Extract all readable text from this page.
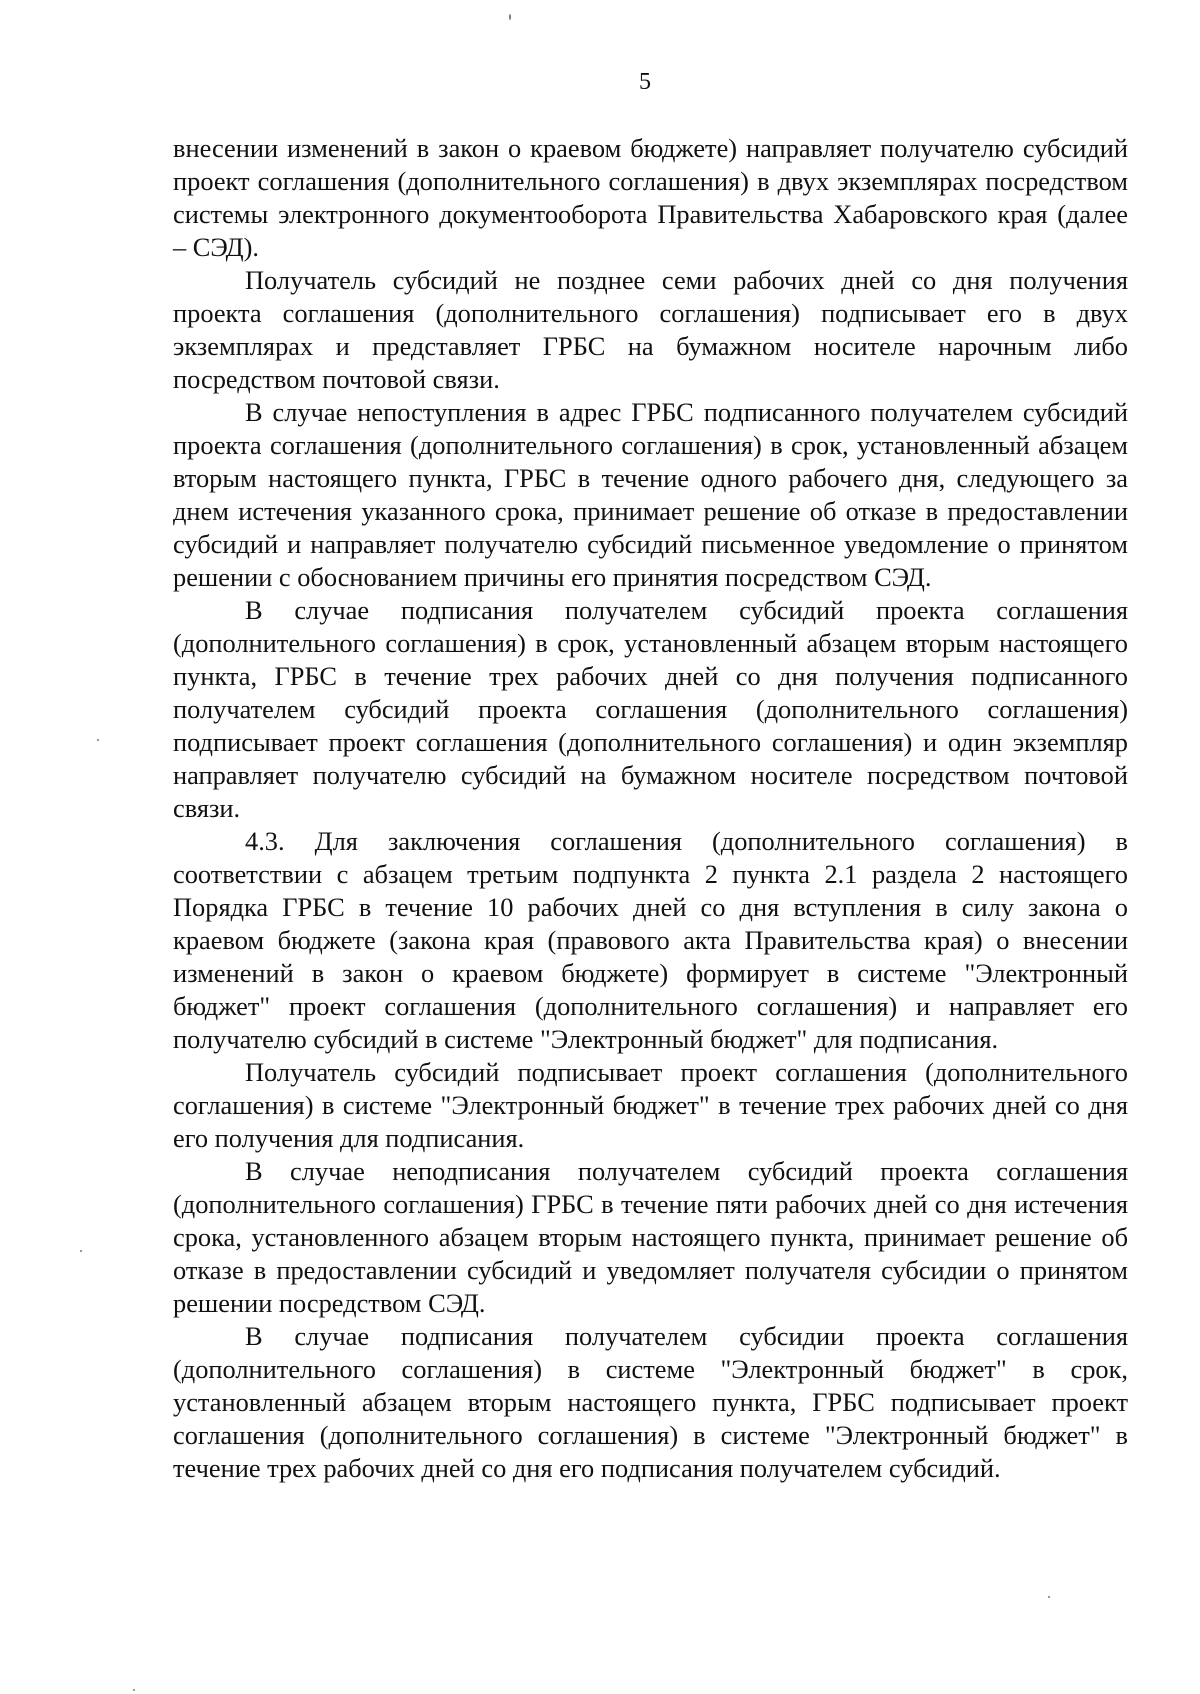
5

внесении изменений в закон о краевом бюджете) направляет получателю субсидий проект соглашения (дополнительного соглашения) в двух экземплярах посредством системы электронного документооборота Правительства Хабаровского края (далее – СЭД).

Получатель субсидий не позднее семи рабочих дней со дня получения проекта соглашения (дополнительного соглашения) подписывает его в двух экземплярах и представляет ГРБС на бумажном носителе нарочным либо посредством почтовой связи.

В случае непоступления в адрес ГРБС подписанного получателем субсидий проекта соглашения (дополнительного соглашения) в срок, установленный абзацем вторым настоящего пункта, ГРБС в течение одного рабочего дня, следующего за днем истечения указанного срока, принимает решение об отказе в предоставлении субсидий и направляет получателю субсидий письменное уведомление о принятом решении с обоснованием причины его принятия посредством СЭД.

В случае подписания получателем субсидий проекта соглашения (дополнительного соглашения) в срок, установленный абзацем вторым настоящего пункта, ГРБС в течение трех рабочих дней со дня получения подписанного получателем субсидий проекта соглашения (дополнительного соглашения) подписывает проект соглашения (дополнительного соглашения) и один экземпляр направляет получателю субсидий на бумажном носителе посредством почтовой связи.

4.3. Для заключения соглашения (дополнительного соглашения) в соответствии с абзацем третьим подпункта 2 пункта 2.1 раздела 2 настоящего Порядка ГРБС в течение 10 рабочих дней со дня вступления в силу закона о краевом бюджете (закона края (правового акта Правительства края) о внесении изменений в закон о краевом бюджете) формирует в системе "Электронный бюджет" проект соглашения (дополнительного соглашения) и направляет его получателю субсидий в системе "Электронный бюджет" для подписания.

Получатель субсидий подписывает проект соглашения (дополнительного соглашения) в системе "Электронный бюджет" в течение трех рабочих дней со дня его получения для подписания.

В случае неподписания получателем субсидий проекта соглашения (дополнительного соглашения) ГРБС в течение пяти рабочих дней со дня истечения срока, установленного абзацем вторым настоящего пункта, принимает решение об отказе в предоставлении субсидий и уведомляет получателя субсидии о принятом решении посредством СЭД.

В случае подписания получателем субсидии проекта соглашения (дополнительного соглашения) в системе "Электронный бюджет" в срок, установленный абзацем вторым настоящего пункта, ГРБС подписывает проект соглашения (дополнительного соглашения) в системе "Электронный бюджет" в течение трех рабочих дней со дня его подписания получателем субсидий.
